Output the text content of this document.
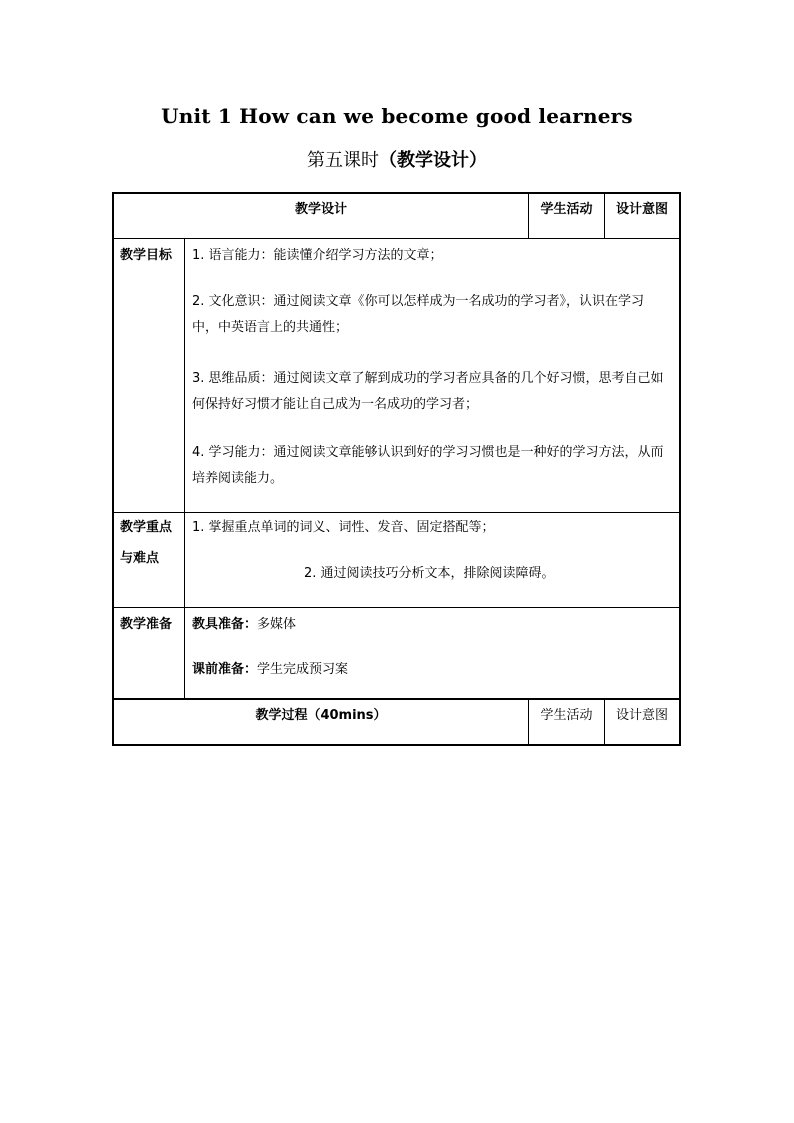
Unit 1 How can we become good learners
第五课时（教学设计）
教学设计	学生活动	设计意图
教学目标 1. 语言能力：能读懂介绍学习方法的文章；
2. 文化意识：通过阅读文章《你可以怎样成为一名成功的学习者》，认识在学习中，中英语言上的共通性；
3. 思维品质：通过阅读文章了解到成功的学习者应具备的几个好习惯，思考自己如何保持好习惯才能让自己成为一名成功的学习者；
4. 学习能力：通过阅读文章能够认识到好的学习习惯也是一种好的学习方法，从而培养阅读能力。
教学重点
与难点
1. 掌握重点单词的词义、词性、发音、固定搭配等；
2. 通过阅读技巧分析文本，排除阅读障碍。
教学准备 教具准备：多媒体
课前准备：学生完成预习案
教学过程（40mins）	学生活动	设计意图
